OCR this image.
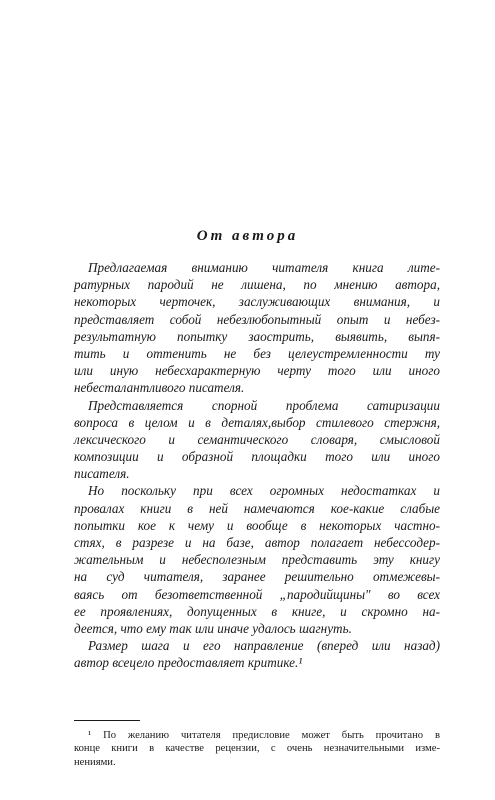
От автора
Предлагаемая вниманию читателя книга лите-
ратурных пародий не лишена, по мнению автора,
некоторых черточек, заслуживающих внимания, и
представляет собой небезлюбопытный опыт и небез-
результатную попытку заострить, выявить, выпя-
тить и оттенить не без целеустремленности ту
или иную небесхарактерную черту того или иного
небесталантливого писателя.
Представляется спорной проблема сатиризации
вопроса в целом и в деталях,выбор стилевого стержня,
лексического и семантического словаря, смысловой
композиции и образной площадки того или иного
писателя.
Но поскольку при всех огромных недостатках и
провалах книги в ней намечаются кое-какие слабые
попытки кое к чему и вообще в некоторых частно-
стях, в разрезе и на базе, автор полагает небессодер-
жательным и небесполезным представить эту книгу
на суд читателя, заранее решительно отмежевы-
ваясь от безответственной „пародийщины" во всех
ее проявлениях, допущенных в книге, и скромно на-
деется, что ему так или иначе удалось шагнуть.
Размер шага и его направление (вперед или назад)
автор всецело предоставляет критике.¹
¹ По желанию читателя предисловие может быть прочитано в
конце книги в качестве рецензии, с очень незначительными изме-
нениями.
